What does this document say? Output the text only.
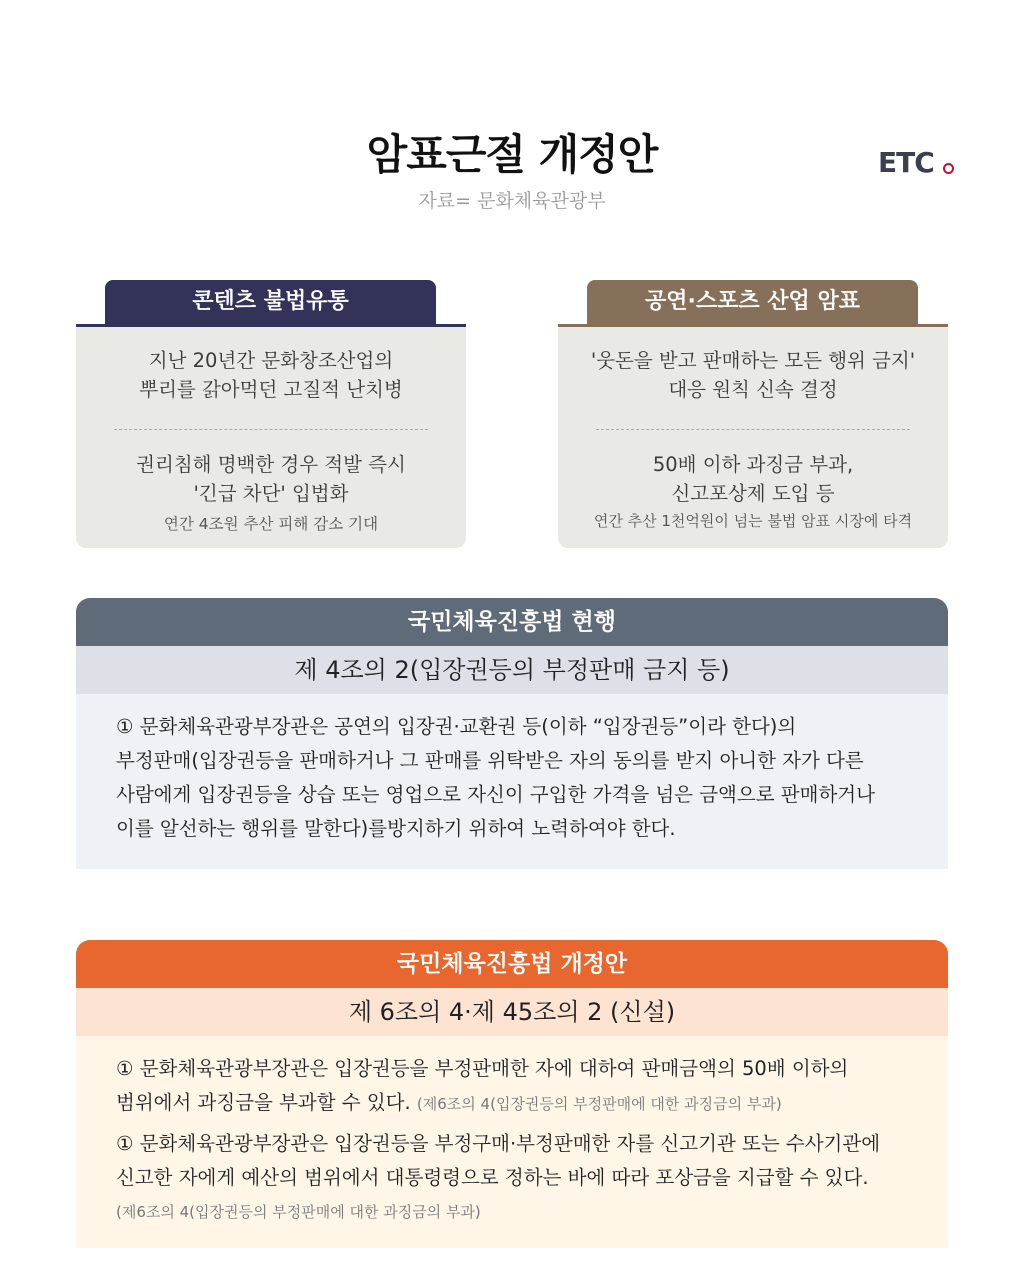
암표근절 개정안
자료= 문화체육관광부
ETC
콘텐츠 불법유통

지난 20년간 문화창조산업의

뿌리를 갉아먹던 고질적 난치병

권리침해 명백한 경우 적발 즉시

'긴급 차단' 입법화

연간 4조원 추산 피해 감소 기대
공연·스포츠 산업 암표

'웃돈을 받고 판매하는 모든 행위 금지'

대응 원칙 신속 결정

50배 이하 과징금 부과,

신고포상제 도입 등

연간 추산 1천억원이 넘는 불법 암표 시장에 타격
국민체육진흥법 현행
제 4조의 2(입장권등의 부정판매 금지 등)

① 문화체육관광부장관은 공연의 입장권·교환권 등(이하 “입장권등”이라 한다)의

부정판매(입장권등을 판매하거나 그 판매를 위탁받은 자의 동의를 받지 아니한 자가 다른

사람에게 입장권등을 상습 또는 영업으로 자신이 구입한 가격을 넘은 금액으로 판매하거나

이를 알선하는 행위를 말한다)를방지하기 위하여 노력하여야 한다.

국민체육진흥법 개정안
제 6조의 4·제 45조의 2 (신설)

① 문화체육관광부장관은 입장권등을 부정판매한 자에 대하여 판매금액의 50배 이하의

범위에서 과징금을 부과할 수 있다. (제6조의 4(입장권등의 부정판매에 대한 과징금의 부과)

① 문화체육관광부장관은 입장권등을 부정구매·부정판매한 자를 신고기관 또는 수사기관에

신고한 자에게 예산의 범위에서 대통령령으로 정하는 바에 따라 포상금을 지급할 수 있다.

(제6조의 4(입장권등의 부정판매에 대한 과징금의 부과)
